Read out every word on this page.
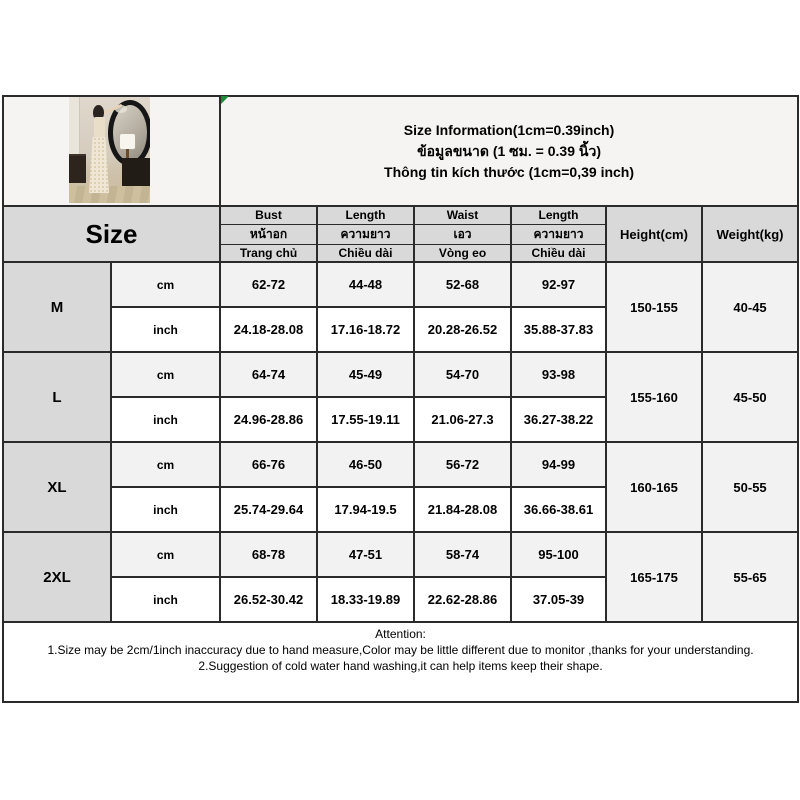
		Size Information(1cm=0.39inch)
ข้อมูลขนาด (1 ซม. = 0.39 นิ้ว)
Thông tin kích thước (1cm=0,39 inch)					

Size		Bust	Length	Waist	Length	Height(cm)	Weight(kg)
		หน้าอก	ความยาว	เอว	ความยาว		
		Trang chủ	Chiều dài	Vòng eo	Chiều dài		
M	cm	62-72	44-48	52-68	92-97	150-155	40-45
	inch	24.18-28.08	17.16-18.72	20.28-26.52	35.88-37.83		
L	cm	64-74	45-49	54-70	93-98	155-160	45-50
	inch	24.96-28.86	17.55-19.11	21.06-27.3	36.27-38.22		
XL	cm	66-76	46-50	56-72	94-99	160-165	50-55
	inch	25.74-29.64	17.94-19.5	21.84-28.08	36.66-38.61		
2XL	cm	68-78	47-51	58-74	95-100	165-175	55-65
	inch	26.52-30.42	18.33-19.89	22.62-28.86	37.05-39		

Attention:
1.Size may be 2cm/1inch inaccuracy due to hand measure,Color may be little different due to monitor ,thanks for your understanding.
2.Suggestion of cold water hand washing,it can help items keep their shape.							
